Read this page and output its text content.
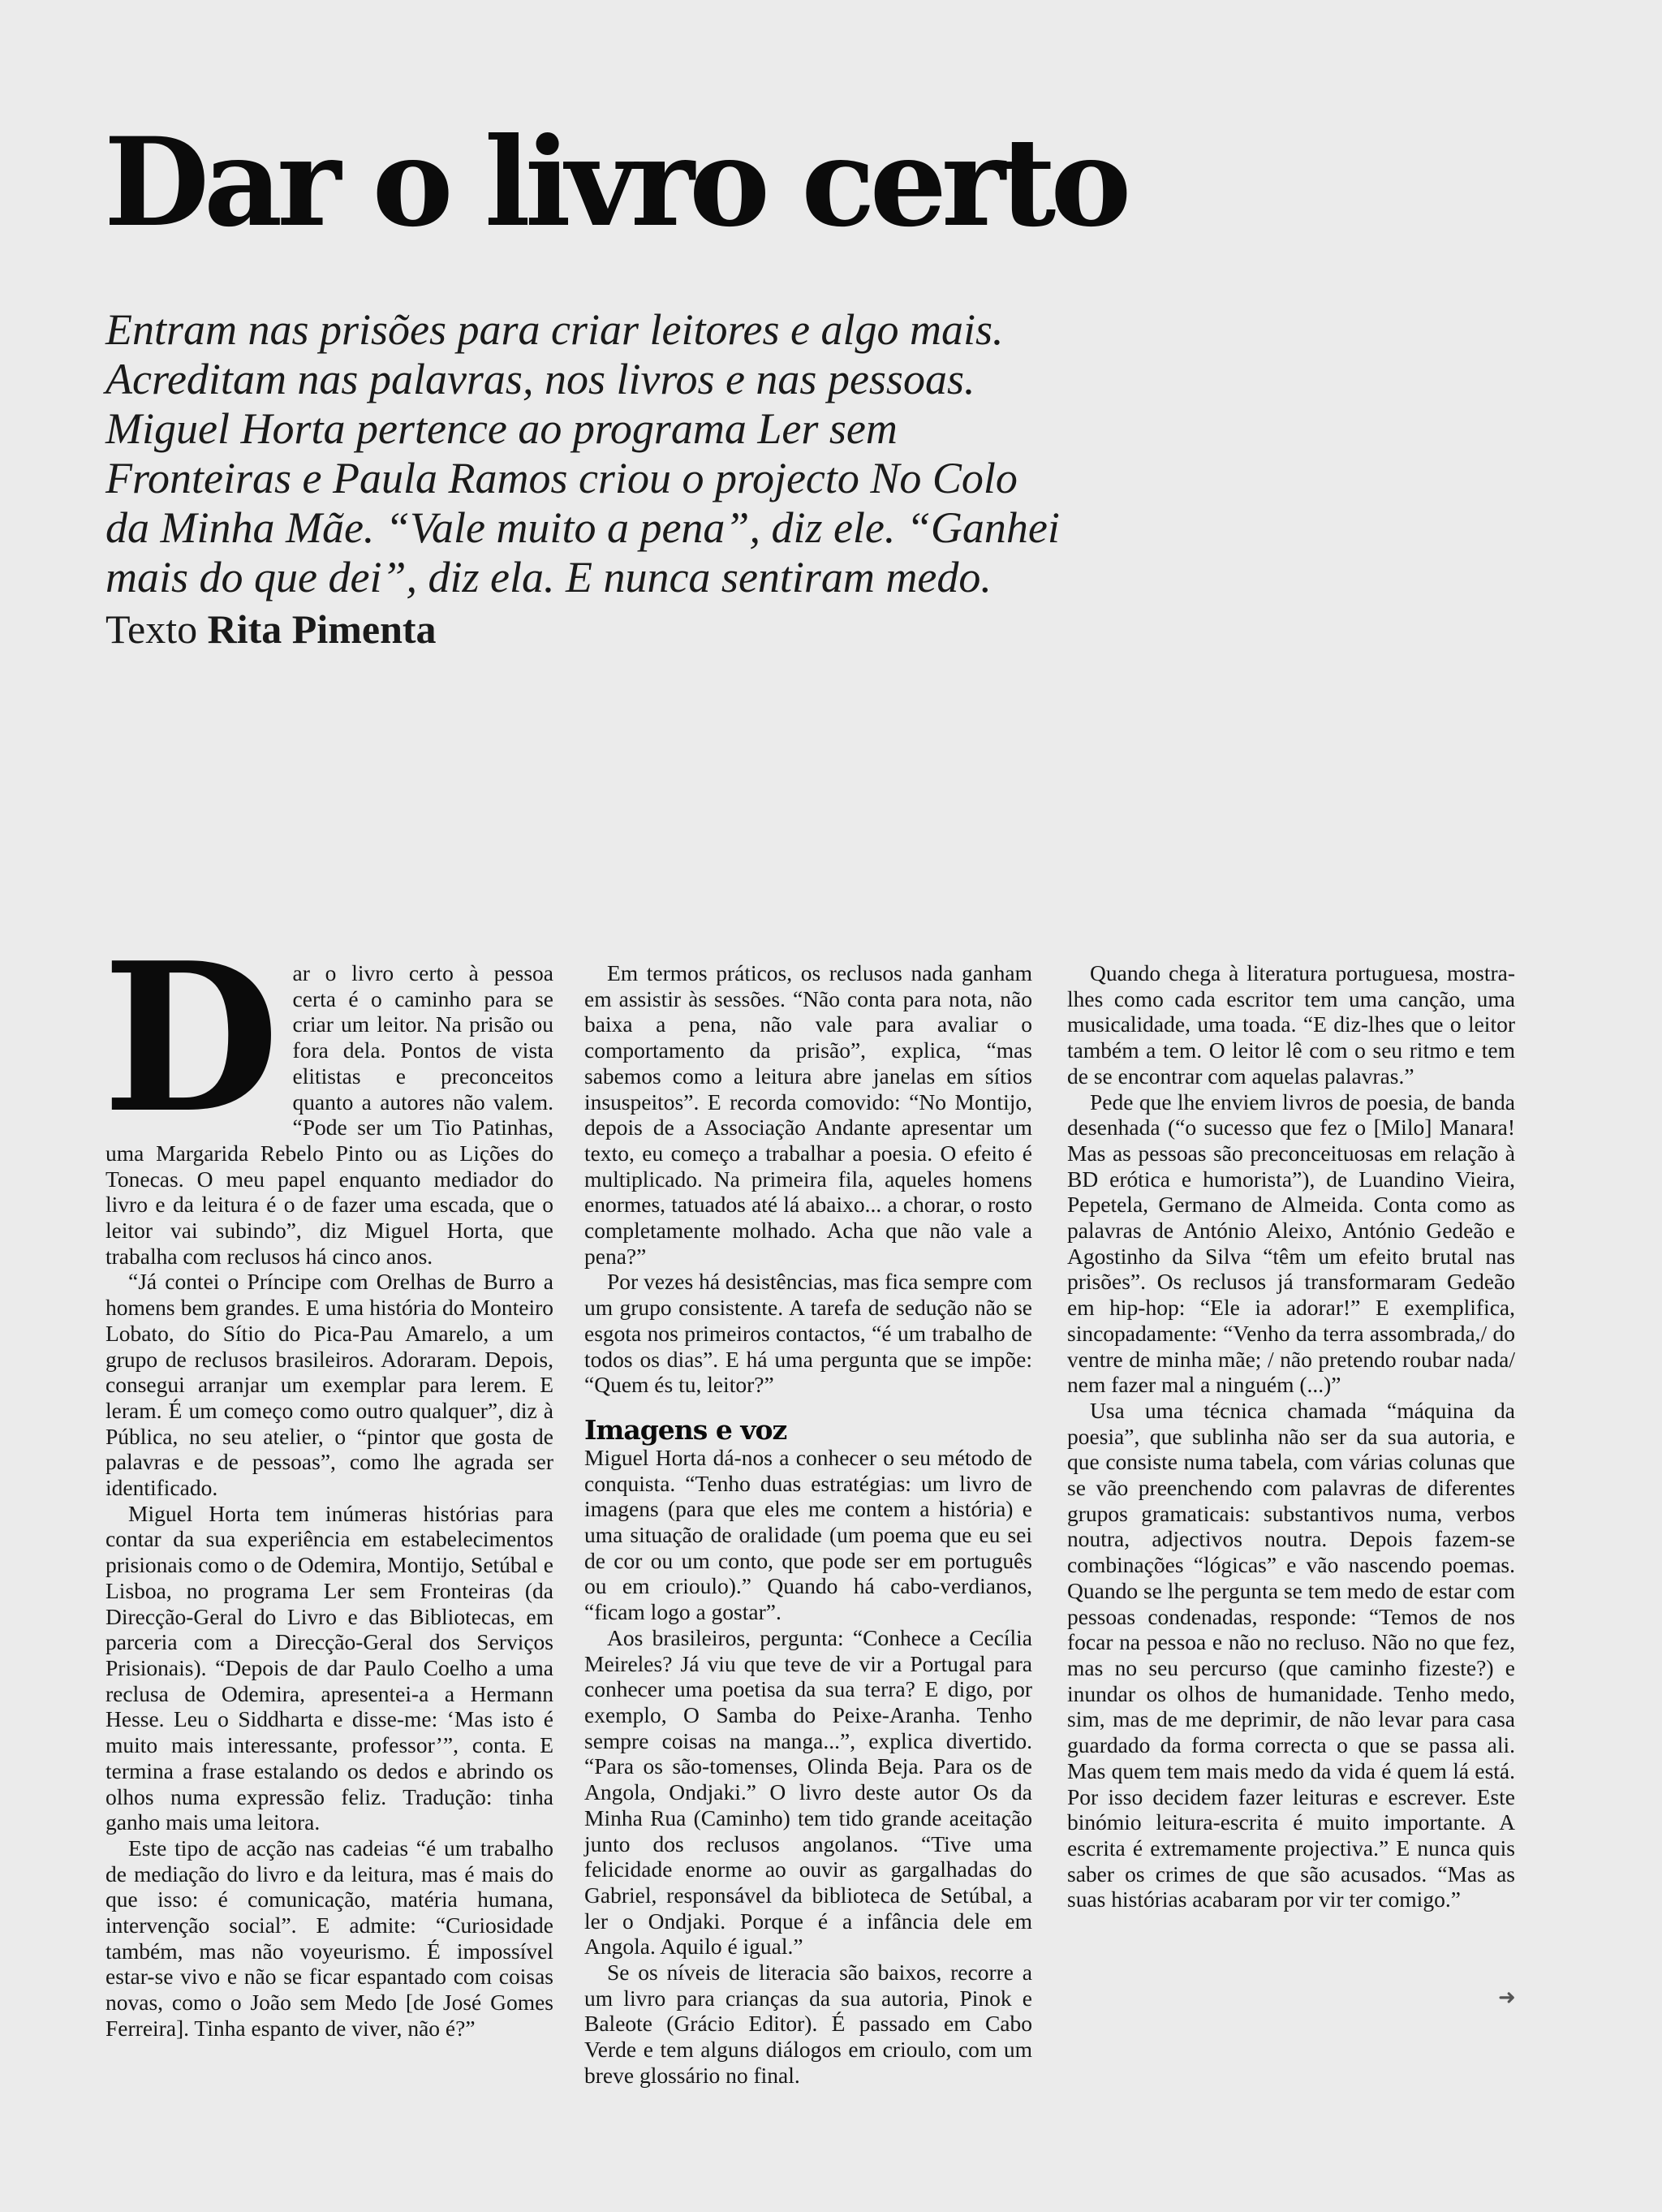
Dar o livro certo

Entram nas prisões para criar leitores e algo mais. Acreditam nas palavras, nos livros e nas pessoas. Miguel Horta pertence ao programa Ler sem Fronteiras e Paula Ramos criou o projecto No Colo da Minha Mãe. “Vale muito a pena”, diz ele. “Ganhei mais do que dei”, diz ela. E nunca sentiram medo.

Texto Rita Pimenta

Dar o livro certo à pessoa certa é o caminho para se criar um leitor. Na prisão ou fora dela. Pontos de vista elitistas e preconceitos quanto a autores não valem. “Pode ser um Tio Patinhas, uma Margarida Rebelo Pinto ou as Lições do Tonecas. O meu papel enquanto mediador do livro e da leitura é o de fazer uma escada, que o leitor vai subindo”, diz Miguel Horta, que trabalha com reclusos há cinco anos.

“Já contei o Príncipe com Orelhas de Burro a homens bem grandes. E uma história do Monteiro Lobato, do Sítio do Pica-Pau Amarelo, a um grupo de reclusos brasileiros. Adoraram. Depois, consegui arranjar um exemplar para lerem. E leram. É um começo como outro qualquer”, diz à Pública, no seu atelier, o “pintor que gosta de palavras e de pessoas”, como lhe agrada ser identificado.

Miguel Horta tem inúmeras histórias para contar da sua experiência em estabelecimentos prisionais como o de Odemira, Montijo, Setúbal e Lisboa, no programa Ler sem Fronteiras (da Direcção-Geral do Livro e das Bibliotecas, em parceria com a Direcção-Geral dos Serviços Prisionais). “Depois de dar Paulo Coelho a uma reclusa de Odemira, apresentei-a a Hermann Hesse. Leu o Siddharta e disse-me: ‘Mas isto é muito mais interessante, professor’”, conta. E termina a frase estalando os dedos e abrindo os olhos numa expressão feliz. Tradução: tinha ganho mais uma leitora.

Este tipo de acção nas cadeias “é um trabalho de mediação do livro e da leitura, mas é mais do que isso: é comunicação, matéria humana, intervenção social”. E admite: “Curiosidade também, mas não voyeurismo. É impossível estar-se vivo e não se ficar espantado com coisas novas, como o João sem Medo [de José Gomes Ferreira]. Tinha espanto de viver, não é?”

Em termos práticos, os reclusos nada ganham em assistir às sessões. “Não conta para nota, não baixa a pena, não vale para avaliar o comportamento da prisão”, explica, “mas sabemos como a leitura abre janelas em sítios insuspeitos”. E recorda comovido: “No Montijo, depois de a Associação Andante apresentar um texto, eu começo a trabalhar a poesia. O efeito é multiplicado. Na primeira fila, aqueles homens enormes, tatuados até lá abaixo... a chorar, o rosto completamente molhado. Acha que não vale a pena?”

Por vezes há desistências, mas fica sempre com um grupo consistente. A tarefa de sedução não se esgota nos primeiros contactos, “é um trabalho de todos os dias”. E há uma pergunta que se impõe: “Quem és tu, leitor?”

Imagens e voz

Miguel Horta dá-nos a conhecer o seu método de conquista. “Tenho duas estratégias: um livro de imagens (para que eles me contem a história) e uma situação de oralidade (um poema que eu sei de cor ou um conto, que pode ser em português ou em crioulo).” Quando há cabo-verdianos, “ficam logo a gostar”.

Aos brasileiros, pergunta: “Conhece a Cecília Meireles? Já viu que teve de vir a Portugal para conhecer uma poetisa da sua terra? E digo, por exemplo, O Samba do Peixe-Aranha. Tenho sempre coisas na manga...”, explica divertido. “Para os são-tomenses, Olinda Beja. Para os de Angola, Ondjaki.” O livro deste autor Os da Minha Rua (Caminho) tem tido grande aceitação junto dos reclusos angolanos. “Tive uma felicidade enorme ao ouvir as gargalhadas do Gabriel, responsável da biblioteca de Setúbal, a ler o Ondjaki. Porque é a infância dele em Angola. Aquilo é igual.”

Se os níveis de literacia são baixos, recorre a um livro para crianças da sua autoria, Pinok e Baleote (Grácio Editor). É passado em Cabo Verde e tem alguns diálogos em crioulo, com um breve glossário no final.

Quando chega à literatura portuguesa, mostra-lhes como cada escritor tem uma canção, uma musicalidade, uma toada. “E diz-lhes que o leitor também a tem. O leitor lê com o seu ritmo e tem de se encontrar com aquelas palavras.”

Pede que lhe enviem livros de poesia, de banda desenhada (“o sucesso que fez o [Milo] Manara! Mas as pessoas são preconceituosas em relação à BD erótica e humorista”), de Luandino Vieira, Pepetela, Germano de Almeida. Conta como as palavras de António Aleixo, António Gedeão e Agostinho da Silva “têm um efeito brutal nas prisões”. Os reclusos já transformaram Gedeão em hip-hop: “Ele ia adorar!” E exemplifica, sincopadamente: “Venho da terra assombrada,/ do ventre de minha mãe; / não pretendo roubar nada/ nem fazer mal a ninguém (...)”

Usa uma técnica chamada “máquina da poesia”, que sublinha não ser da sua autoria, e que consiste numa tabela, com várias colunas que se vão preenchendo com palavras de diferentes grupos gramaticais: substantivos numa, verbos noutra, adjectivos noutra. Depois fazem-se combinações “lógicas” e vão nascendo poemas. Quando se lhe pergunta se tem medo de estar com pessoas condenadas, responde: “Temos de nos focar na pessoa e não no recluso. Não no que fez, mas no seu percurso (que caminho fizeste?) e inundar os olhos de humanidade. Tenho medo, sim, mas de me deprimir, de não levar para casa guardado da forma correcta o que se passa ali. Mas quem tem mais medo da vida é quem lá está. Por isso decidem fazer leituras e escrever. Este binómio leitura-escrita é muito importante. A escrita é extremamente projectiva.” E nunca quis saber os crimes de que são acusados. “Mas as suas histórias acabaram por vir ter comigo.”

➜
